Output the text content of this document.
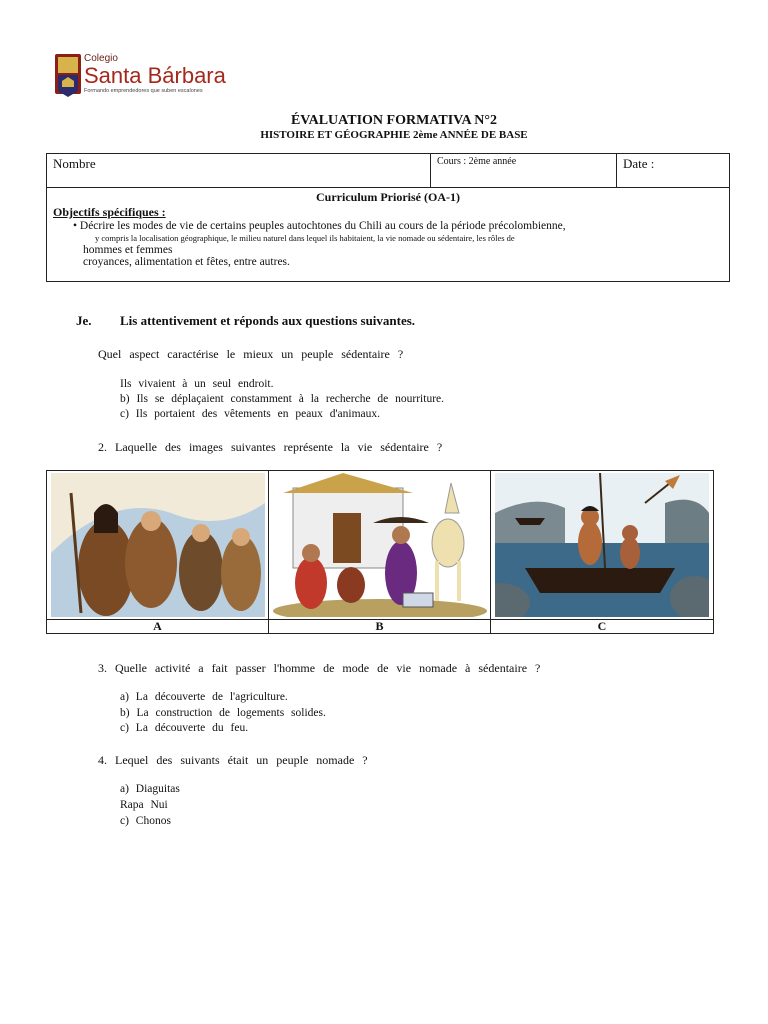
Colegio
Santa Bárbara
Formando emprendedores que suben escalones
ÉVALUATION FORMATIVA N°2
HISTOIRE ET GÉOGRAPHIE 2ème ANNÉE DE BASE
Nombre	Cours : 2ème année	Date :
Curriculum Priorisé (OA-1)
Objectifs spécifiques :
• Décrire les modes de vie de certains peuples autochtones du Chili au cours de la période précolombienne,
y compris la localisation géographique, le milieu naturel dans lequel ils habitaient, la vie nomade ou sédentaire, les rôles de
hommes et femmes
croyances, alimentation et fêtes, entre autres.
Je.	Lis attentivement et réponds aux questions suivantes.
Quel aspect caractérise le mieux un peuple sédentaire ?
Ils vivaient à un seul endroit.
b) Ils se déplaçaient constamment à la recherche de nourriture.
c) Ils portaient des vêtements en peaux d'animaux.
2. Laquelle des images suivantes représente la vie sédentaire ?
A	B	C
3. Quelle activité a fait passer l'homme de mode de vie nomade à sédentaire ?
a) La découverte de l'agriculture.
b) La construction de logements solides.
c) La découverte du feu.
4. Lequel des suivants était un peuple nomade ?
a) Diaguitas
Rapa Nui
c) Chonos
